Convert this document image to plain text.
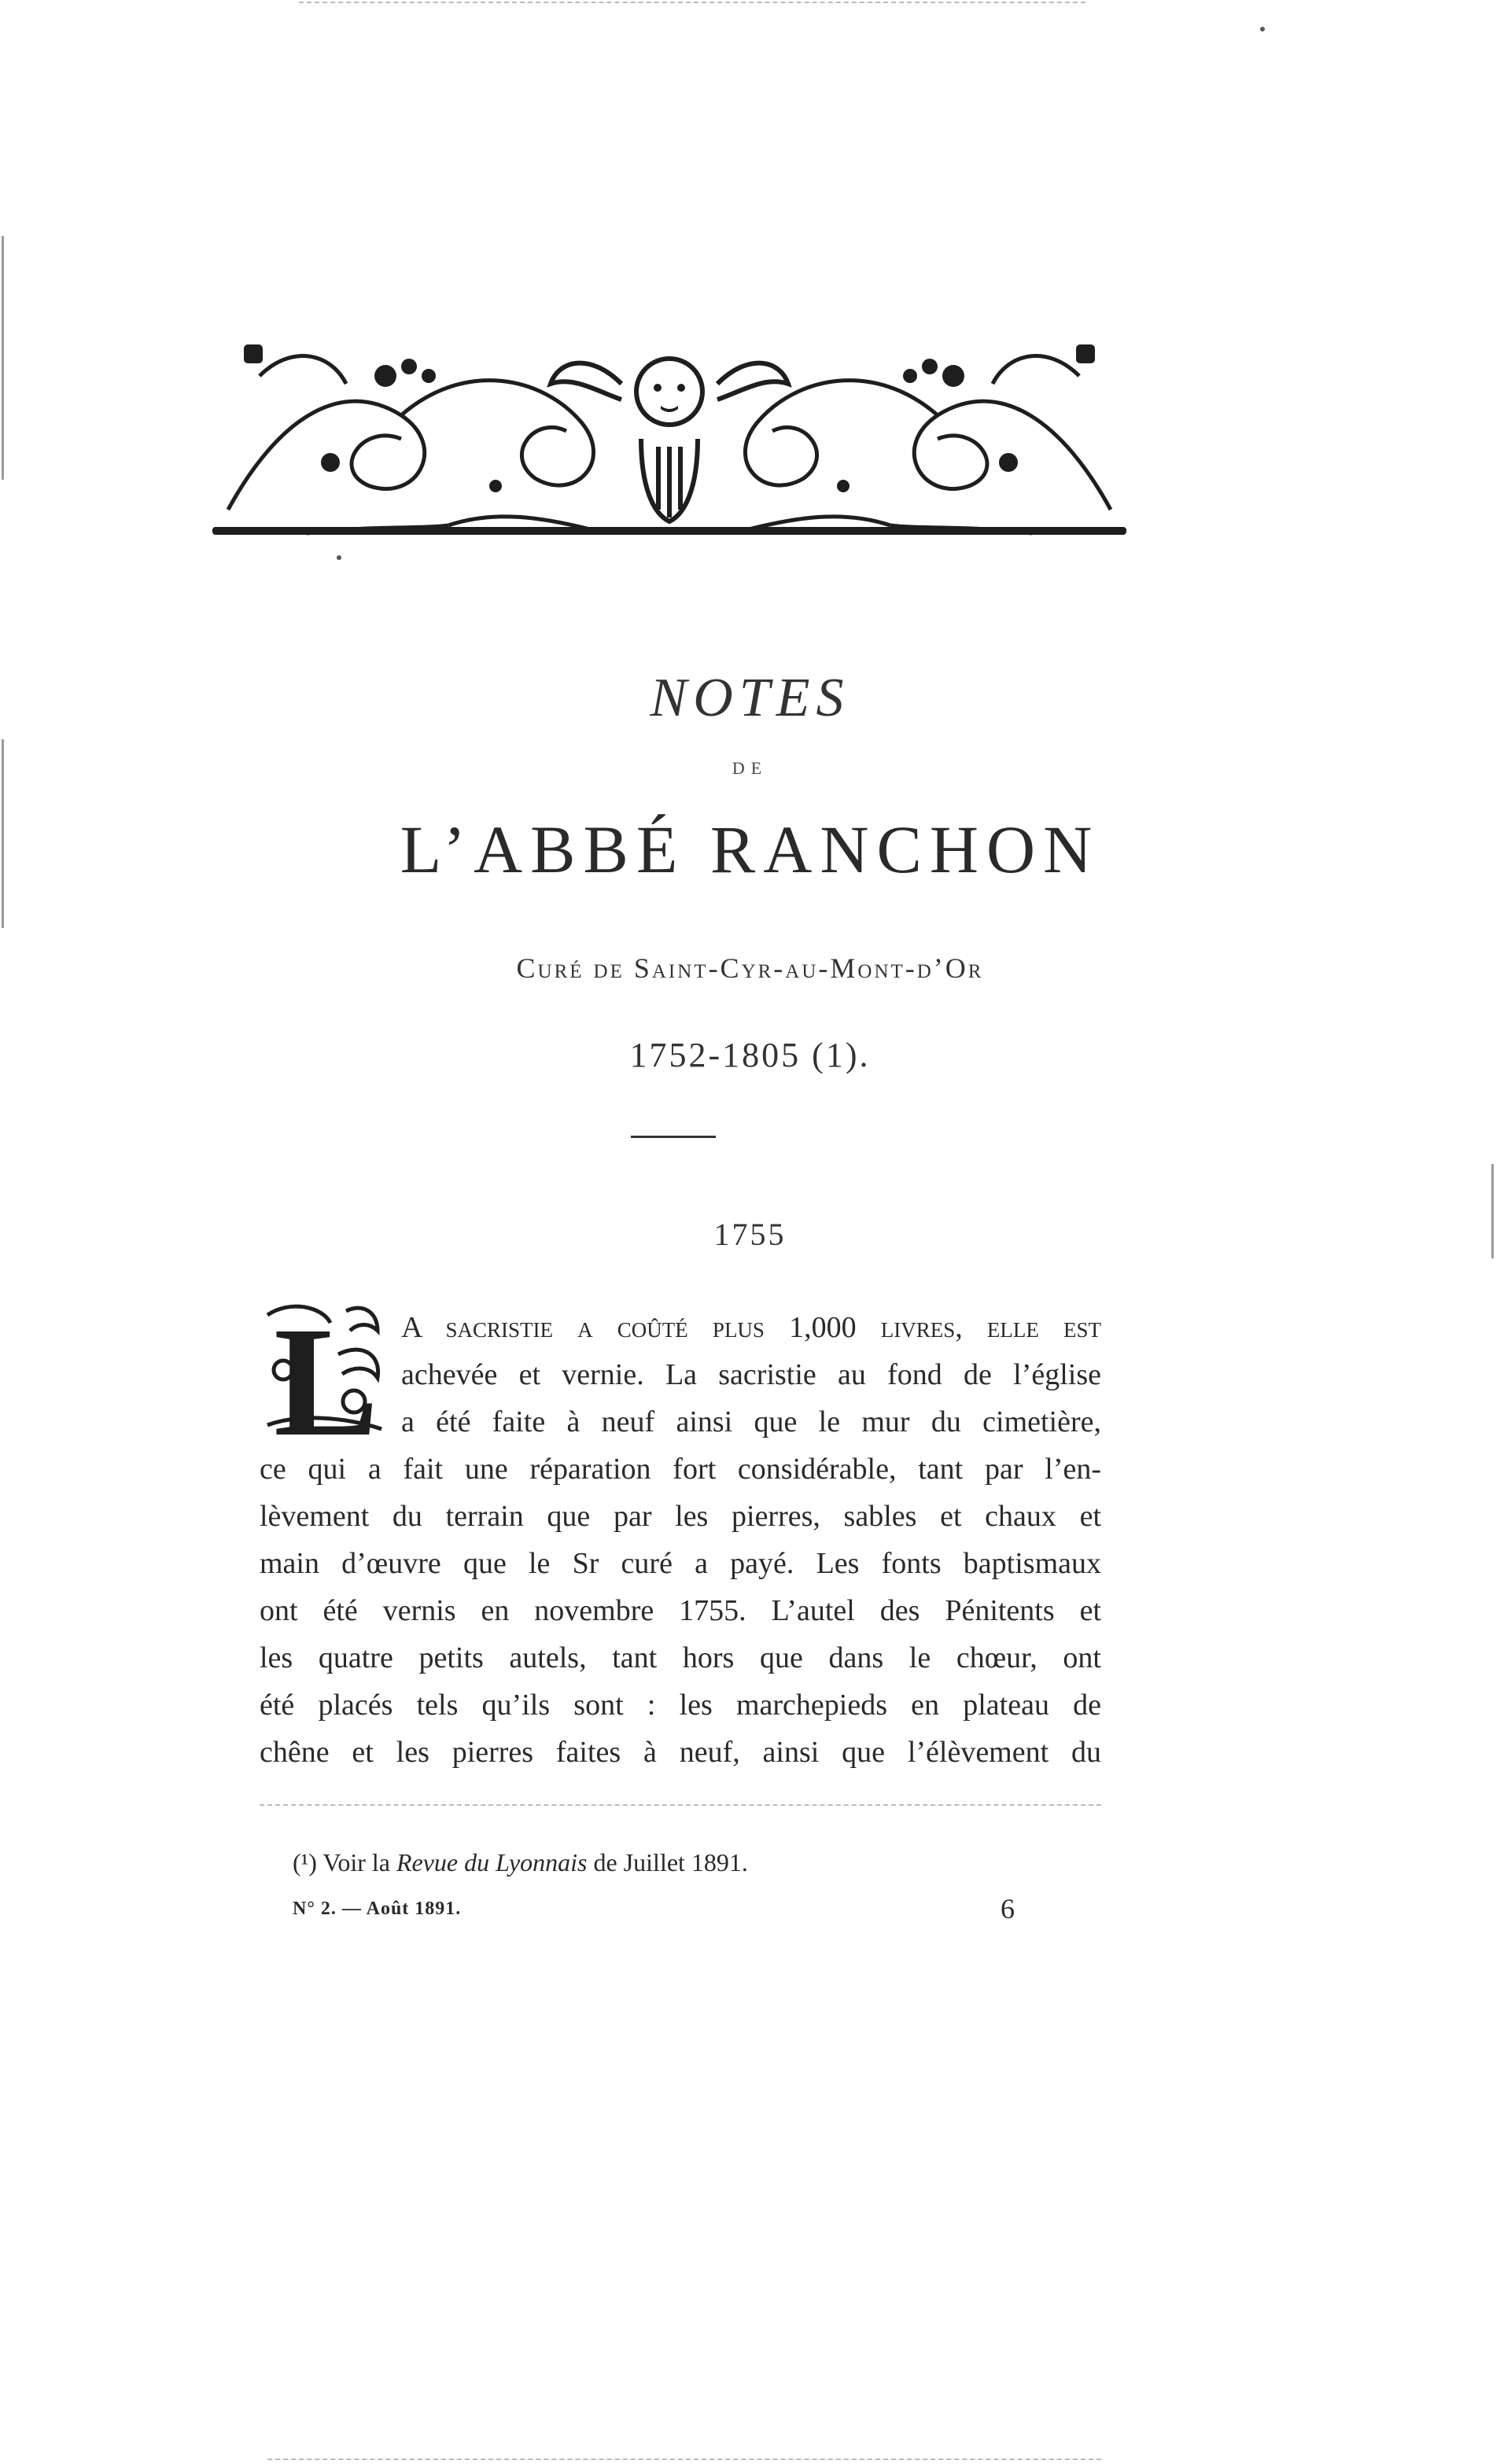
NOTES
DE
L’ABBÉ RANCHON
Curé de Saint-Cyr-au-Mont-d’Or
1752-1805 (1).
1755
L A sacristie a coûté plus 1,000 livres, elle est
achevée et vernie. La sacristie au fond de l’église
a été faite à neuf ainsi que le mur du cimetière,
ce qui a fait une réparation fort considérable, tant par l’en-
lèvement du terrain que par les pierres, sables et chaux et
main d’œuvre que le Sr curé a payé. Les fonts baptismaux
ont été vernis en novembre 1755. L’autel des Pénitents et
les quatre petits autels, tant hors que dans le chœur, ont
été placés tels qu’ils sont : les marchepieds en plateau de
chêne et les pierres faites à neuf, ainsi que l’élèvement du
(¹) Voir la Revue du Lyonnais de Juillet 1891.
N° 2. — Août 1891.	6
